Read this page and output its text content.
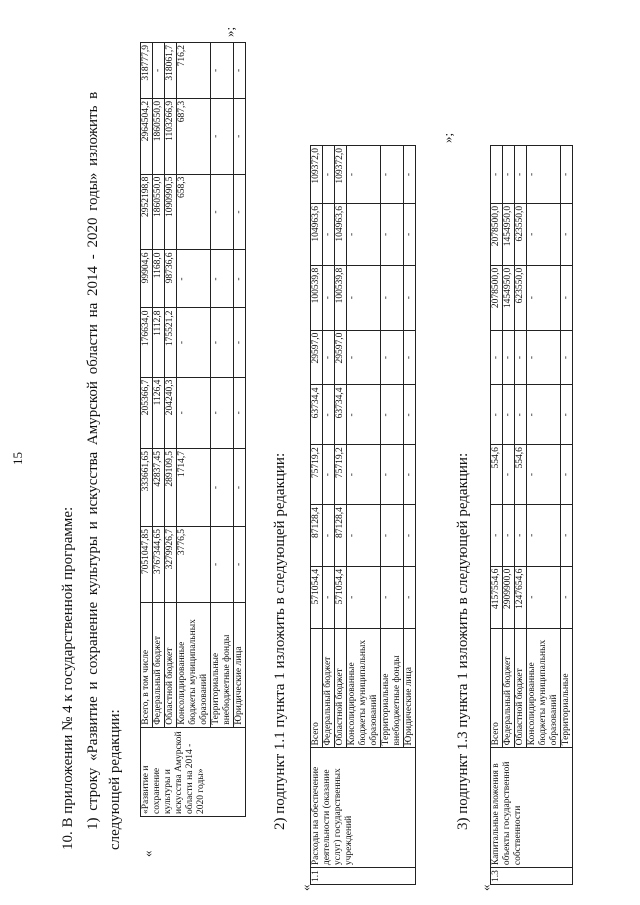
15
10. В приложении № 4 к государственной программе: 1) строку «Развитие и сохранение культуры и искусства Амурской области на 2014 - 2020 годы» изложить в следующей редакции:
«
«Развитие и сохранение культуры и искусства Амурской области на 2014 - 2020 годы»	Всего, в том числе	7051047,85	333661,65	205366,7	176634,0	99904,6	2952198,8	2964504,2	318777,9
	Федеральный бюджет	3767344,65	42837,45	1126,4	1112,8	1168,0	1860550,0	1860550,0	-
	Областной бюджет	3279926,7	289109,5	204240,3	175521,2	98736,6	1090990,5	1103266,9	318061,7
	Консолидированные бюджеты муниципальных образований	3776,5	1714,7	-	-	-	658,3	687,3	716,2
	Территориальные внебюджетные фонды	-	-	-	-	-	-	-	-
	Юридические лица	-	-	-	-	-	-	-	-
»;
2) подпункт 1.1 пункта 1 изложить в следующей редакции:
«
1.1	Расходы на обеспечение деятельности (оказание услуг) государственных учреждений	Всего	571054,4	87128,4	75719,2	63734,4	29597,0	100539,8	104963,6	109372,0
		Федеральный бюджет	-	-	-	-	-	-	-	-
		Областной бюджет	571054,4	87128,4	75719,2	63734,4	29597,0	100539,8	104963,6	109372,0
		Консолидированные бюджеты муниципальных образований	-	-	-	-	-	-	-	-
		Территориальные внебюджетные фонды	-	-	-	-	-	-	-	-
		Юридические лица	-	-	-	-	-	-	-	-
»;
3) подпункт 1.3 пункта 1 изложить в следующей редакции:
«
1.3	Капитальные вложения в объекты государственной собственности	Всего	4157554,6	-	554,6	-	-	2078500,0	2078500,0	-
		Федеральный бюджет	2909900,0	-	-	-	-	1454950,0	1454950,0	-
		Областной бюджет	1247654,6	-	554,6	-	-	623550,0	623550,0	-
		Консолидированные бюджеты муниципальных образований	-	-	-	-	-	-	-	-
		Территориальные	-	-	-	-	-	-	-	-
